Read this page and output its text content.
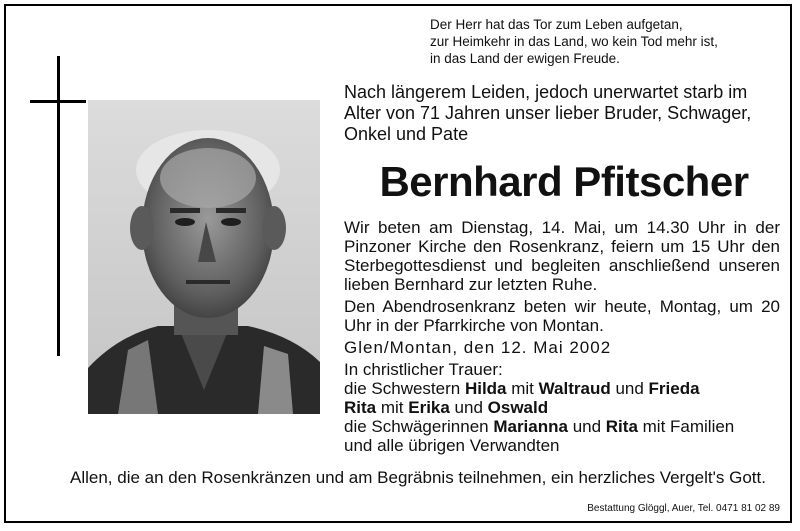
Der Herr hat das Tor zum Leben aufgetan,
zur Heimkehr in das Land, wo kein Tod mehr ist,
in das Land der ewigen Freude.
Nach längerem Leiden, jedoch unerwartet starb im
Alter von 71 Jahren unser lieber Bruder, Schwager,
Onkel und Pate
Bernhard Pfitscher

Wir beten am Dienstag, 14. Mai, um 14.30 Uhr in der Pinzoner Kirche den Rosenkranz, feiern um 15 Uhr den Sterbegottesdienst und begleiten anschließend unseren lieben Bernhard zur letzten Ruhe.

Den Abendrosenkranz beten wir heute, Montag, um 20 Uhr in der Pfarrkirche von Montan.

Glen/Montan, den 12. Mai 2002

In christlicher Trauer:
die Schwestern Hilda mit Waltraud und Frieda
Rita mit Erika und Oswald
die Schwägerinnen Marianna und Rita mit Familien
und alle übrigen Verwandten
Allen, die an den Rosenkränzen und am Begräbnis teilnehmen, ein herzliches Vergelt's Gott.
Bestattung Glöggl, Auer, Tel. 0471 81 02 89
